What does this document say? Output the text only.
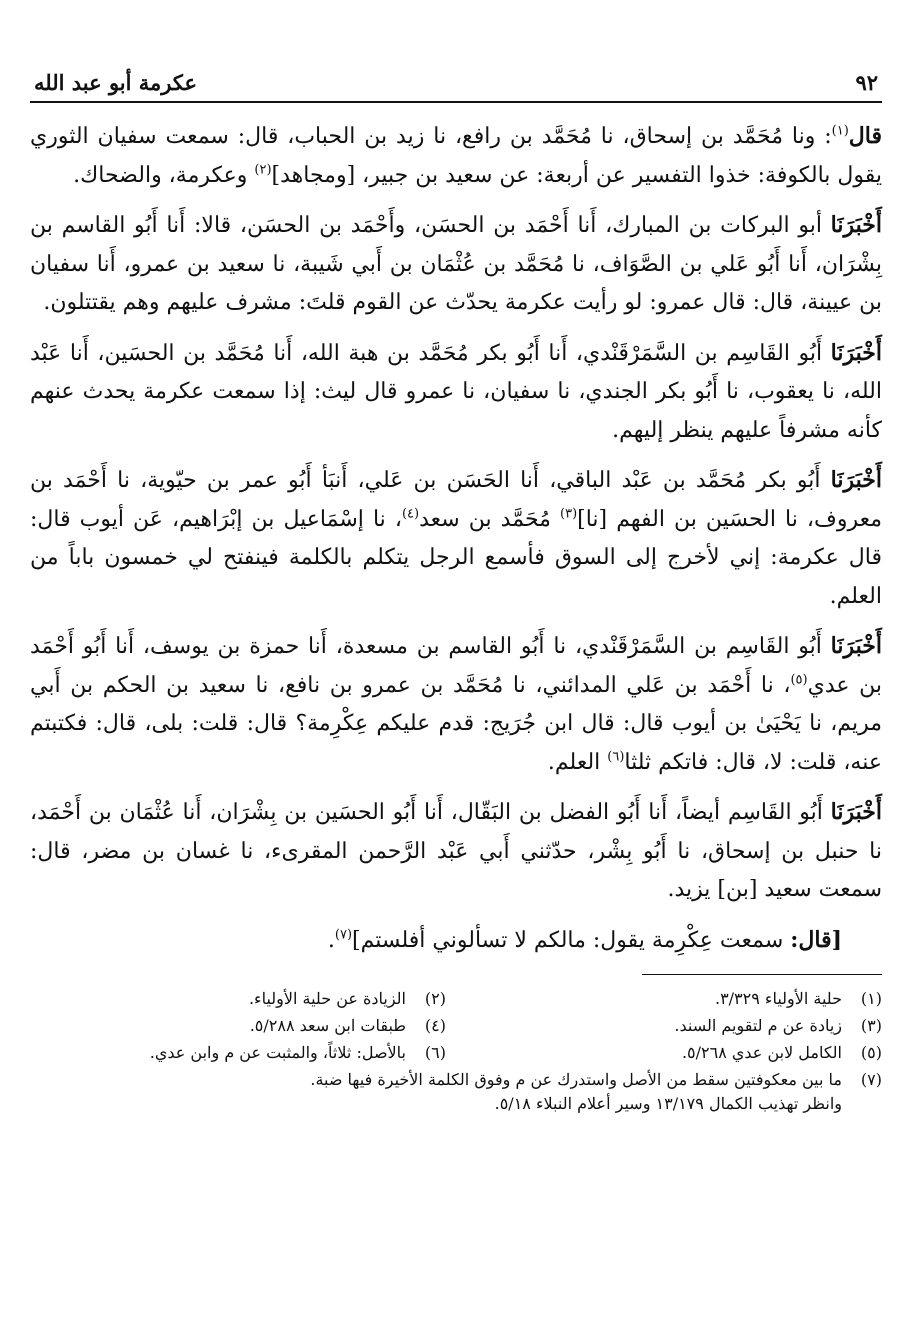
٩٢
عكرمة أبو عبد الله

قال$^{(١)}$: ونا مُحَمَّد بن إسحاق، نا مُحَمَّد بن رافع، نا زيد بن الحباب، قال: سمعت سفيان الثوري يقول بالكوفة: خذوا التفسير عن أربعة: عن سعيد بن جبير، [ومجاهد]$^{(٢)}$ وعكرمة، والضحاك.

أَخْبَرَنَا أبو البركات بن المبارك، أَنا أَحْمَد بن الحسَن، وأَحْمَد بن الحسَن، قالا: أَنا أَبُو القاسم بن بِشْرَان، أَنا أَبُو عَلي بن الصَّوَاف، نا مُحَمَّد بن عُثْمَان بن أَبي شَيبة، نا سعيد بن عمرو، أَنا سفيان بن عيينة، قال: قال عمرو: لو رأيت عكرمة يحدّث عن القوم قلتَ: مشرف عليهم وهم يقتتلون.

أَخْبَرَنَا أَبُو القَاسِم بن السَّمَرْقَنْدي، أَنا أَبُو بكر مُحَمَّد بن هبة الله، أَنا مُحَمَّد بن الحسَين، أَنا عَبْد الله، نا يعقوب، نا أَبُو بكر الجندي، نا سفيان، نا عمرو قال ليث: إذا سمعت عكرمة يحدث عنهم كأنه مشرفاً عليهم ينظر إليهم.

أَخْبَرَنَا أَبُو بكر مُحَمَّد بن عَبْد الباقي، أَنا الحَسَن بن عَلي، أَنبَأ أَبُو عمر بن حيّوية، نا أَحْمَد بن معروف، نا الحسَين بن الفهم [نا]$^{(٣)}$ مُحَمَّد بن سعد$^{(٤)}$، نا إسْمَاعيل بن إبْرَاهيم، عَن أيوب قال: قال عكرمة: إني لأخرج إلى السوق فأسمع الرجل يتكلم بالكلمة فينفتح لي خمسون باباً من العلم.

أَخْبَرَنَا أَبُو القَاسِم بن السَّمَرْقَنْدي، نا أَبُو القاسم بن مسعدة، أَنا حمزة بن يوسف، أَنا أَبُو أَحْمَد بن عدي$^{(٥)}$، نا أَحْمَد بن عَلي المدائني، نا مُحَمَّد بن عمرو بن نافع، نا سعيد بن الحكم بن أَبي مريم، نا يَحْيَىٰ بن أيوب قال: قال ابن جُرَيج: قدم عليكم عِكْرِمة؟ قال: قلت: بلى، قال: فكتبتم عنه، قلت: لا، قال: فاتكم ثلثا$^{(٦)}$ العلم.

أَخْبَرَنَا أَبُو القَاسِم أيضاً، أَنا أَبُو الفضل بن البَقّال، أَنا أَبُو الحسَين بن بِشْرَان، أَنا عُثْمَان بن أَحْمَد، نا حنبل بن إسحاق، نا أَبُو بِشْر، حدّثني أَبي عَبْد الرَّحمن المقرىء، نا غسان بن مضر، قال: سمعت سعيد [بن] يزيد.

[قال: سمعت عِكْرِمة يقول: مالكم لا تسألوني أفلستم]$^{(٧)}$.

(١)
حلية الأولياء ٣/٣٢٩.
(٢)
الزيادة عن حلية الأولياء.
(٣)
زيادة عن م لتقويم السند.
(٤)
طبقات ابن سعد ٥/٢٨٨.
(٥)
الكامل لابن عدي ٥/٢٦٨.
(٦)
بالأصل: ثلاثاً، والمثبت عن م وابن عدي.
(٧)
ما بين معكوفتين سقط من الأصل واستدرك عن م وفوق الكلمة الأخيرة فيها ضبة.
وانظر تهذيب الكمال ١٣/١٧٩ وسير أعلام النبلاء ٥/١٨.
